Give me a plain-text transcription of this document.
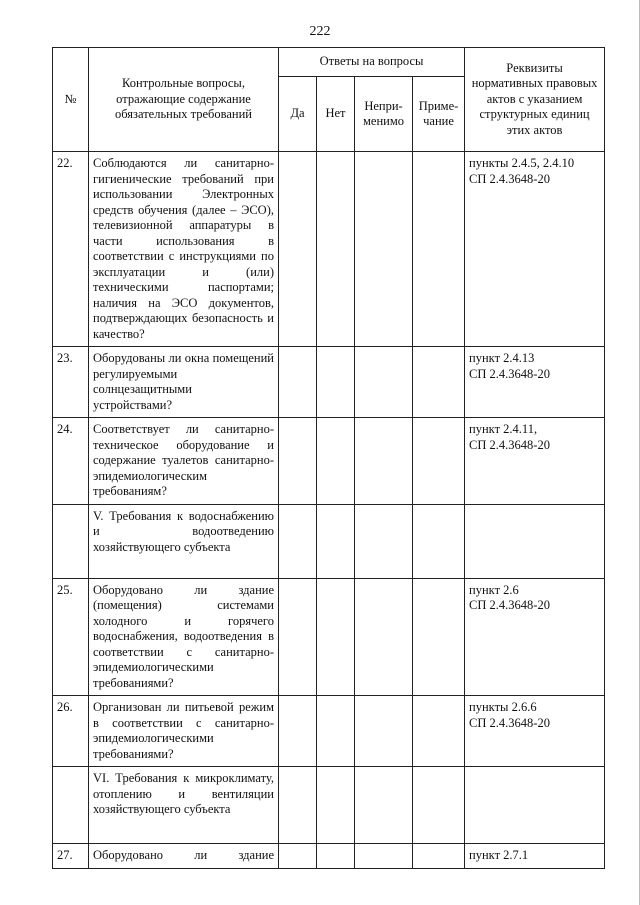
222
№	Контрольные вопросы, отражающие содержание обязательных требований	Ответы на вопросы				Реквизиты нормативных правовых актов с указанием структурных единиц этих актов
		Да	Нет	Непри-менимо	Приме-чание	
22.	Соблюдаются ли санитарно-гигиенические требований при использовании Электронных средств обучения (далее – ЭСО), телевизионной аппаратуры в части использования в соответствии с инструкциями по эксплуатации и (или) техническими паспортами; наличия на ЭСО документов, подтверждающих безопасность и качество?					пункты 2.4.5, 2.4.10
СП 2.4.3648-20
23.	Оборудованы ли окна помещений регулируемыми солнцезащитными устройствами?					пункт 2.4.13
СП 2.4.3648-20
24.	Соответствует ли санитарно-техническое оборудование и содержание туалетов санитарно-эпидемиологическим требованиям?					пункт 2.4.11,
СП 2.4.3648-20
	V. Требования к водоснабжению и водоотведению хозяйствующего субъекта					
25.	Оборудовано ли здание (помещения) системами холодного и горячего водоснабжения, водоотведения в соответствии с санитарно-эпидемиологическими требованиями?					пункт 2.6
СП 2.4.3648-20
26.	Организован ли питьевой режим в соответствии с санитарно-эпидемиологическими требованиями?					пункты 2.6.6
СП 2.4.3648-20
	VI. Требования к микроклимату, отоплению и вентиляции хозяйствующего субъекта					
27.	Оборудовано ли здание					пункт 2.7.1
